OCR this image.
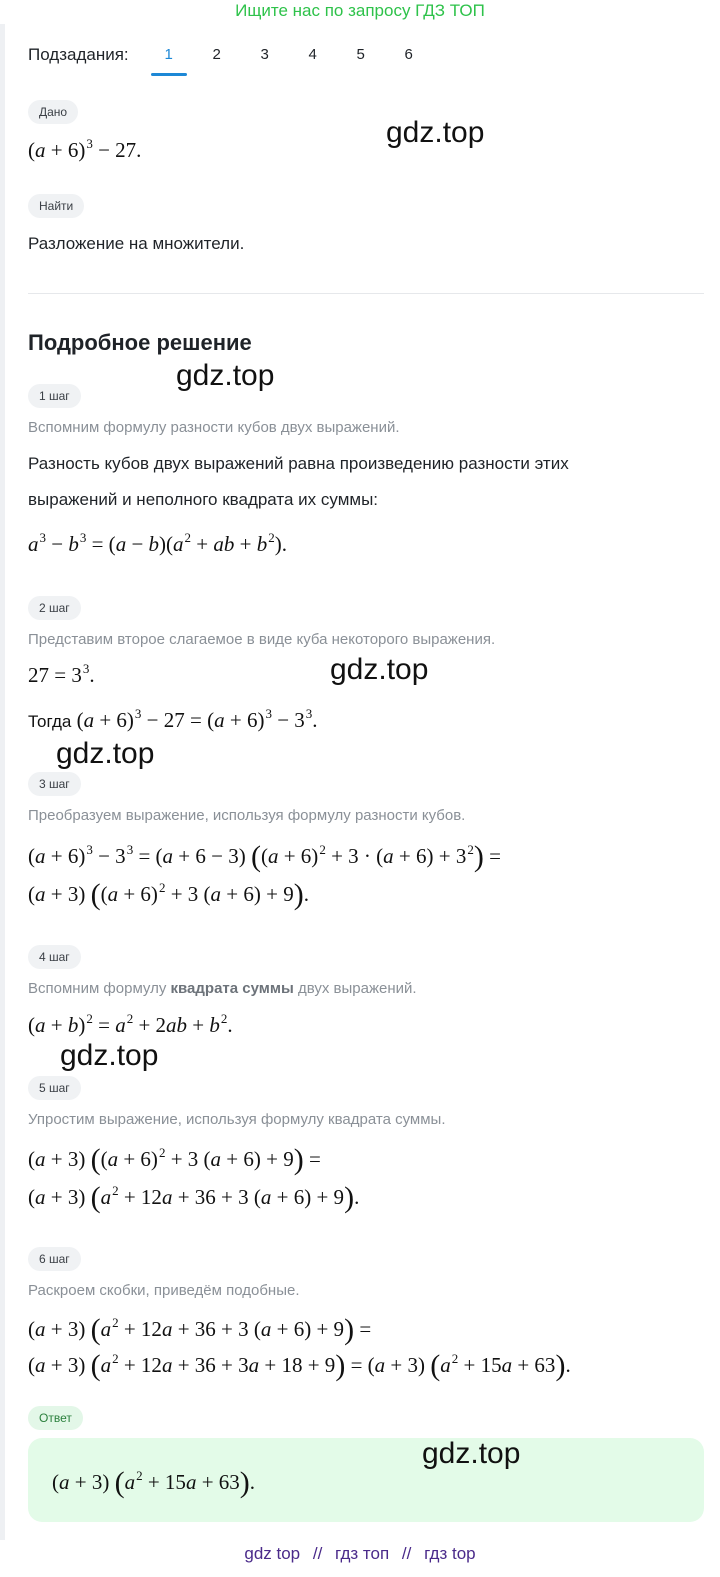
Ищите нас по запросу ГДЗ ТОП
Подзадания:	1	2	3	4	5	6
Дано
$(a + 6)^3 - 27$.
gdz.top
Найти
Разложение на множители.
Подробное решение
gdz.top
1 шаг
Вспомним формулу разности кубов двух выражений.
Разность кубов двух выражений равна произведению разности этих
выражений и неполного квадрата их суммы:
$a^3 - b^3 = (a - b)(a^2$ + ab + $b^2$).
2 шаг
Представим второе слагаемое в виде куба некоторого выражения.
$27 = 3^3$.	gdz.top
Тогда $(a + 6)^3 - 27 = (a + 6)^3 - 3^3$.
gdz.top
3 шаг
Преобразуем выражение, используя формулу разности кубов.
$(a + 6)^3 - 3^3 = (a + 6 - 3)$ $((a + 6)^2 + 3 \cdot (a + 6) + 3^2)$ =
(a + 3) ($(a + 6)^2 + 3$ (a + 6) + 9).
4 шаг
Вспомним формулу квадрата суммы двух выражений.
$(a + b)^2 = a^2 + 2ab + b^2$.
gdz.top
5 шаг
Упростим выражение, используя формулу квадрата суммы.
(a + 3) ($(a + 6)^2 + 3$ (a + 6) + 9) =
(a + 3) ($a^2 + 12a + 36 + 3$ (a + 6) + 9).
6 шаг
Раскроем скобки, приведём подобные.
(a + 3) ($a^2 + 12a + 36 + 3$ (a + 6) + 9) =
(a + 3) $(a^2 + 12a + 36 + 3a + 18 + 9) = (a + 3) (a^2 + 15a + 63)$.
Ответ
(a + 3) $(a^2 + 15a + 63)$.
gdz.top
gdz top // гдз топ // гдз top
